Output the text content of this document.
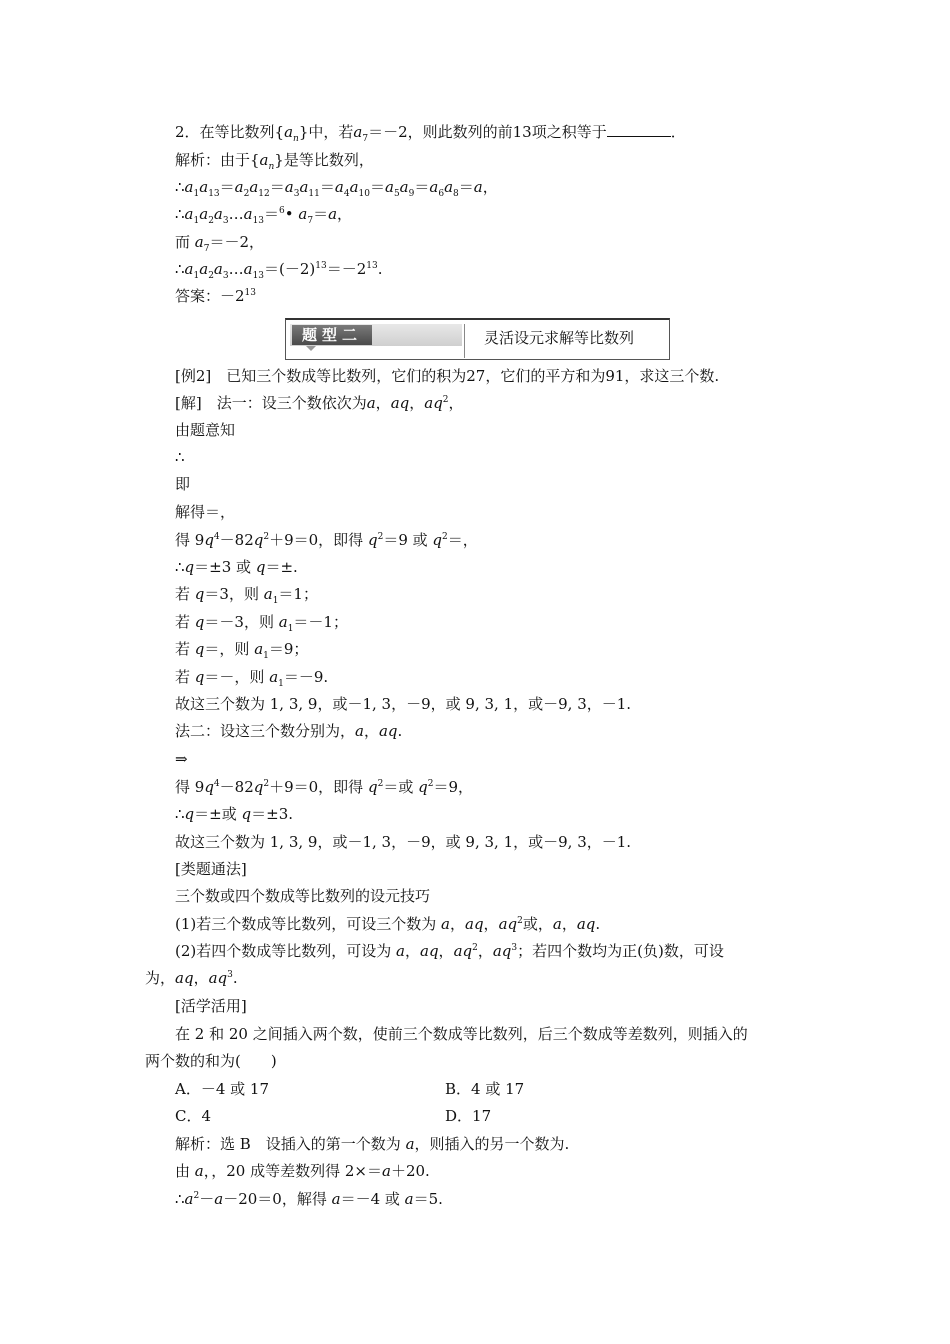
2．在等比数列$\{a_n\}$中，若$a_7=-2$，则此数列的前13项之积等于	．
解析：由于$\{a_n\}$是等比数列，
$\therefore a_1a_{13}=a_2a_{12}=a_3a_{11}=a_4a_{10}=a_5a_9=a_6a_8=a$，
$\therefore a_1a_2a_3\dots a_{13}=^6•$ $a_7=a$，
而 $a_7=-2$，
$\therefore a_1a_2a_3\dots a_{13}=(-2)^{13}=-2^{13}$.
答案：$-2^{13}$
题型二	灵活设元求解等比数列
[例2]　已知三个数成等比数列，它们的积为27，它们的平方和为91，求这三个数.
[解]　法一：设三个数依次为a，aq，$aq^2$，
由题意知
∴
即
解得＝，
得 $9q^4-82q^2+9=0$，即得 $q^2=9$ 或 $q^2=$，
∴q＝±3 或 q＝±.
若 q＝3，则 $a_1=1$；
若 q＝－3，则 $a_1=-1$；
若 q＝，则 $a_1=9$；
若 q＝－，则 $a_1=-9$.
故这三个数为 1, 3, 9，或－1, 3，－9，或 9, 3, 1，或－9, 3，－1.
法二：设这三个数分别为，a，aq.
⇒
得 $9q^4-82q^2+9=0$，即得 $q^2=$或 $q^2=9$，
∴q＝±或 q＝±3.
故这三个数为 1, 3, 9，或－1, 3，－9，或 9, 3, 1，或－9, 3，－1.
[类题通法]
三个数或四个数成等比数列的设元技巧
(1)若三个数成等比数列，可设三个数为 a，aq，$aq^2$或，a，aq.
(2)若四个数成等比数列，可设为 a，aq，$aq^2$，$aq^3$；若四个数均为正(负)数，可设
为，aq，$aq^3$.
[活学活用]
在 2 和 20 之间插入两个数，使前三个数成等比数列，后三个数成等差数列，则插入的
两个数的和为(　　)
A．－4 或 17	B．4 或 17
C．4	D．17
解析：选 B　设插入的第一个数为 a，则插入的另一个数为.
由 a，，20 成等差数列得 2×＝a＋20.
$\therefore a^2-a-20=0$，解得 a＝－4 或 a＝5.
